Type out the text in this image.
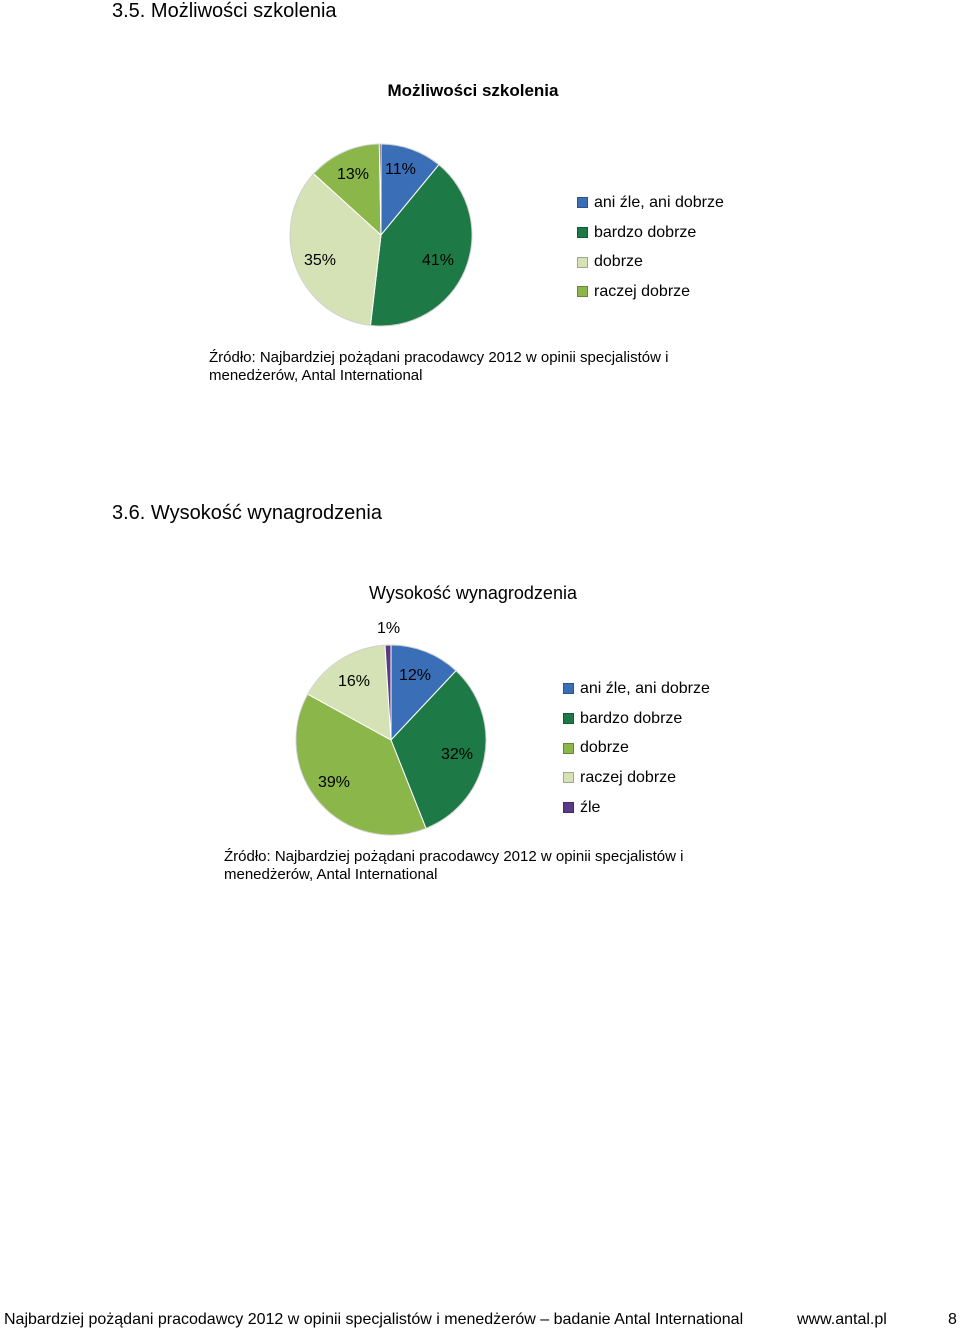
3.5. Możliwości szkolenia
Możliwości szkolenia
13% 11%
35%	41%
ani źle, ani dobrze
bardzo dobrze
dobrze
raczej dobrze
Źródło: Najbardziej pożądani pracodawcy 2012 w opinii specjalistów i menedżerów, Antal International
3.6. Wysokość wynagrodzenia
Wysokość wynagrodzenia
1%
16% 12%
32%
39%
ani źle, ani dobrze
bardzo dobrze
dobrze
raczej dobrze
źle
Źródło: Najbardziej pożądani pracodawcy 2012 w opinii specjalistów i menedżerów, Antal International
Najbardziej pożądani pracodawcy 2012 w opinii specjalistów i menedżerów – badanie Antal International	www.antal.pl	8
